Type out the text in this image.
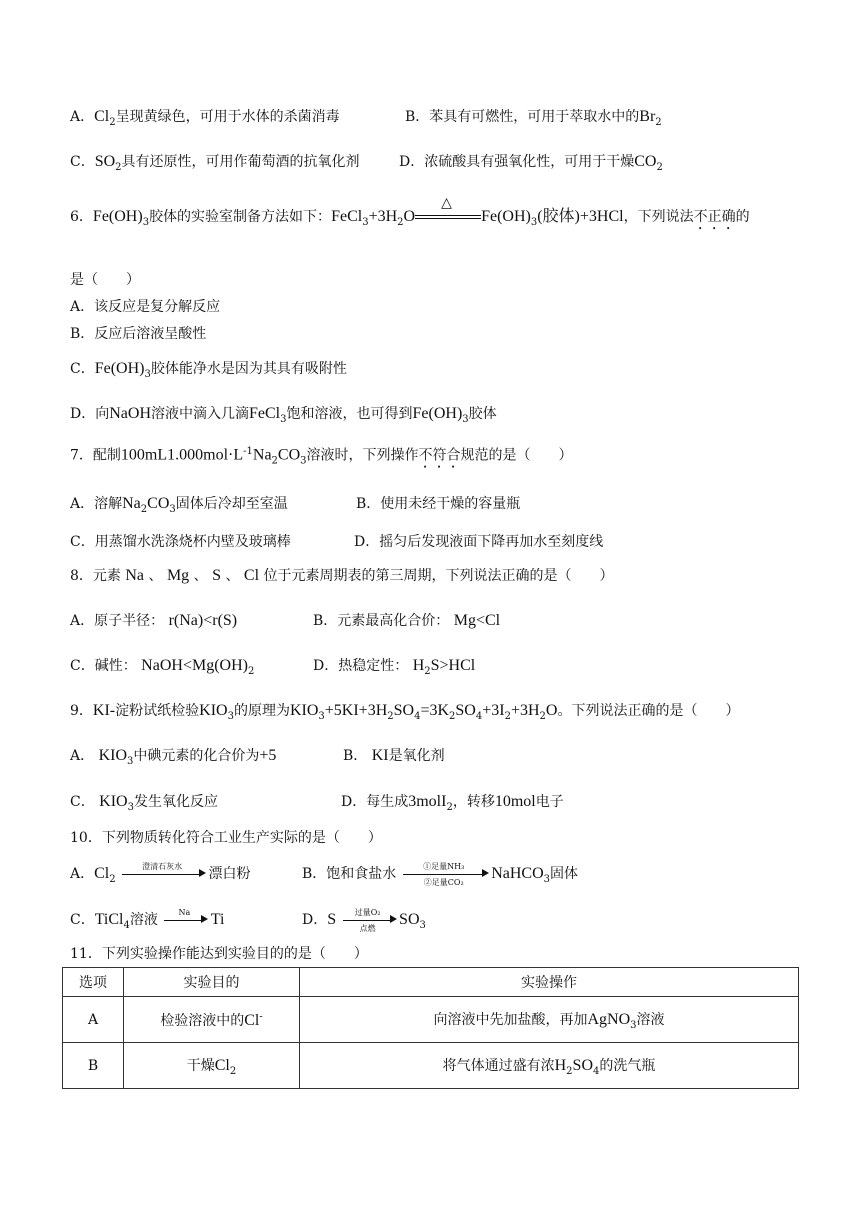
A．$Cl_2$呈现黄绿色，可用于水体的杀菌消毒	B．苯具有可燃性，可用于萃取水中的$Br_2$
C．$SO_2$具有还原性，可用作葡萄酒的抗氧化剂	D．浓硫酸具有强氧化性，可用于干燥$CO_2$
6．$Fe(OH)_3$胶体的实验室制备方法如下：$FeCl_3+3H_2O$
△
$Fe(OH)_3$(胶体)+3HCl，下列说法不正确的
是（　　）
A．该反应是复分解反应
B．反应后溶液呈酸性
C．$Fe(OH)_3$胶体能净水是因为其具有吸附性
D．向NaOH溶液中滴入几滴FeCl$_3$饱和溶液，也可得到$Fe(OH)_3$胶体
7．配制$100mL1.000mol\cdot L^{-1}Na_2CO_3$溶液时，下列操作不符合规范的是（　　）
A．溶解$Na_2CO_3$固体后冷却至室温	B．使用未经干燥的容量瓶
C．用蒸馏水洗涤烧杯内壁及玻璃棒	D．摇匀后发现液面下降再加水至刻度线
8．元素 Na 、 Mg 、 S 、 Cl 位于元素周期表的第三周期，下列说法正确的是（　　）
A．原子半径： r(Na)<r(S)	B．元素最高化合价： Mg<Cl
C．碱性： $NaOH<Mg(OH)_2$	D．热稳定性： $H_2S>HCl$
9．KI-淀粉试纸检验$KIO_3$的原理为$KIO_3+5KI+3H_2SO_4=3K_2SO_4+3I_2+3H_2O$。下列说法正确的是（　　）
A． $KIO_3$中碘元素的化合价为+5	B． KI是氧化剂
C． $KIO_3$发生氧化反应	D．每生成3molI$_2$，转移10mol电子
10．下列物质转化符合工业生产实际的是（　　）
A．$Cl_2$
澄清石灰水	漂白粉	B．饱和食盐水	①足量NH₃
②足量CO₂
NaHCO$_3$固体
C．TiCl$_4$溶液	Na	Ti	D．S	过量O₂
点燃
$SO_3$
11．下列实验操作能达到实验目的的是（　　）
选项	实验目的	实验操作
A	检验溶液中的Cl-	向溶液中先加盐酸，再加AgNO$_3$溶液
B	干燥$Cl_2$	将气体通过盛有浓$H_2SO_4$的洗气瓶
